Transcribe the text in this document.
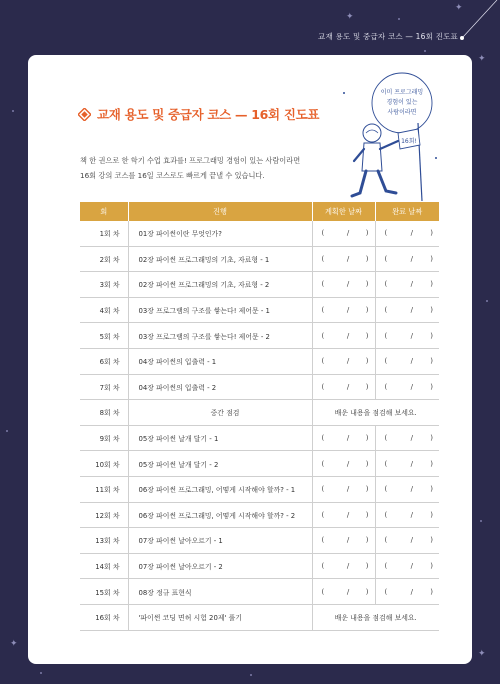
✦
✦
✦
✦
✦
교재 용도 및 중급자 코스 — 16회 진도표
교재 용도 및 중급자 코스 — 16회 진도표
책 한 권으로 한 학기 수업 효과를! 프로그래밍 경험이 있는 사람이라면
16회 강의 코스를 16일 코스로도 빠르게 끝낼 수 있습니다.
이미 프로그래밍
경험이 있는
사람이라면
16회!
회	진행	계획한 날짜	완료 날짜
1회 차	01장 파이썬이란 무엇인가?	( / )	( / )

2회 차	02장 파이썬 프로그래밍의 기초, 자료형 - 1	( / )	( / )

3회 차	02장 파이썬 프로그래밍의 기초, 자료형 - 2	( / )	( / )

4회 차	03장 프로그램의 구조를 쌓는다! 제어문 - 1	( / )	( / )

5회 차	03장 프로그램의 구조를 쌓는다! 제어문 - 2	( / )	( / )

6회 차	04장 파이썬의 입출력 - 1	( / )	( / )

7회 차	04장 파이썬의 입출력 - 2	( / )	( / )

8회 차	중간 점검	배운 내용을 점검해 보세요.	
9회 차	05장 파이썬 날개 달기 - 1	( / )	( / )

10회 차	05장 파이썬 날개 달기 - 2	( / )	( / )

11회 차	06장 파이썬 프로그래밍, 어떻게 시작해야 할까? - 1	( / )	( / )

12회 차	06장 파이썬 프로그래밍, 어떻게 시작해야 할까? - 2	( / )	( / )

13회 차	07장 파이썬 날아오르기 - 1	( / )	( / )

14회 차	07장 파이썬 날아오르기 - 2	( / )	( / )

15회 차	08장 정규 표현식	( / )	( / )

16회 차	'파이썬 코딩 면허 시험 20제' 풀기	배운 내용을 점검해 보세요.	
